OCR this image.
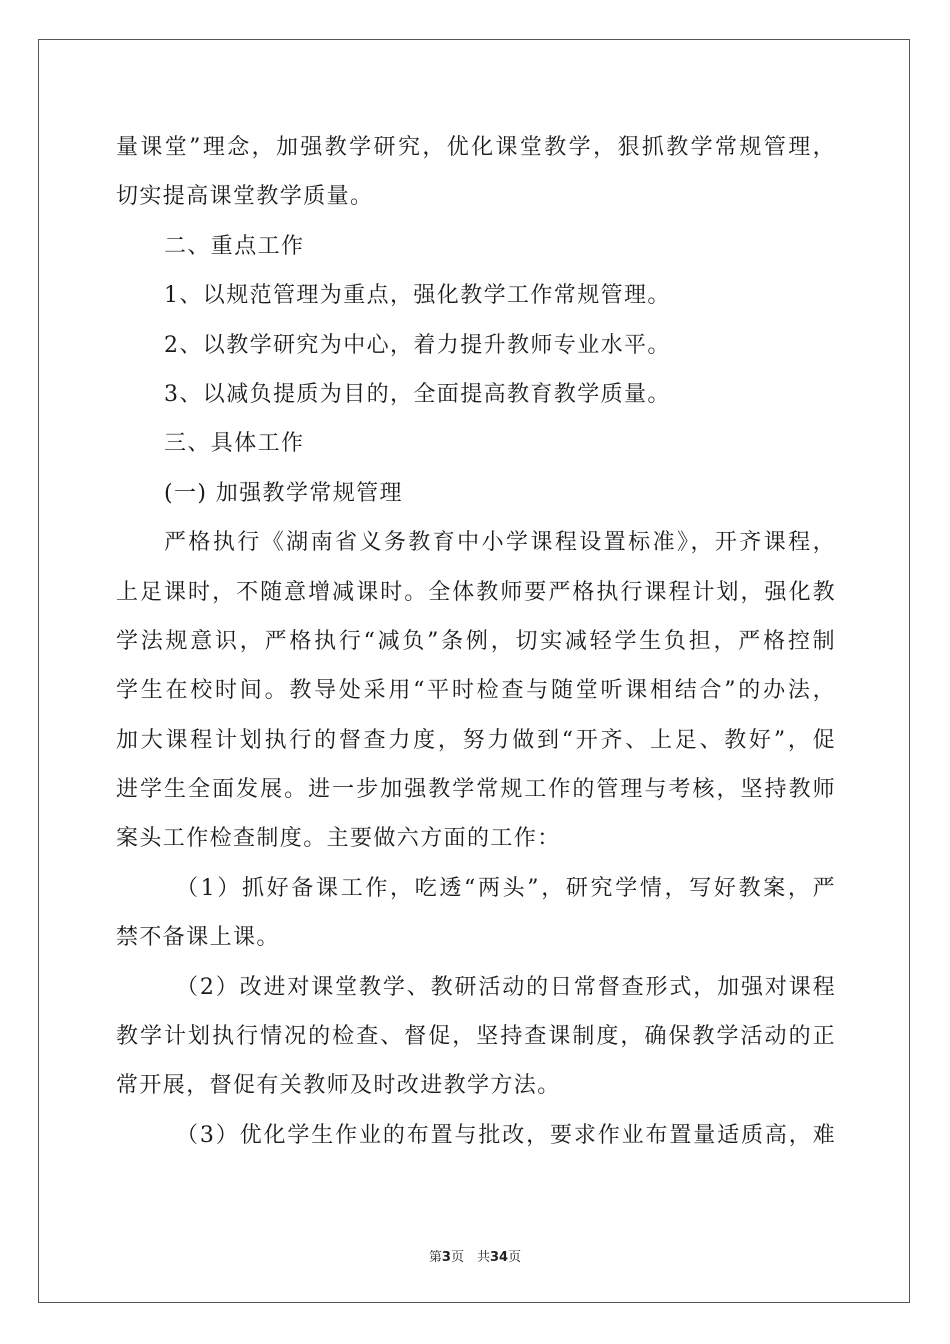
量课堂”理念，加强教学研究，优化课堂教学，狠抓教学常规管理，
切实提高课堂教学质量。
二、重点工作
1、以规范管理为重点，强化教学工作常规管理。
2、以教学研究为中心，着力提升教师专业水平。
3、以减负提质为目的，全面提高教育教学质量。
三、具体工作
(一) 加强教学常规管理
严格执行《湖南省义务教育中小学课程设置标准》，开齐课程，
上足课时，不随意增减课时。全体教师要严格执行课程计划，强化教
学法规意识，严格执行“减负”条例，切实减轻学生负担，严格控制
学生在校时间。教导处采用“平时检查与随堂听课相结合”的办法，
加大课程计划执行的督查力度，努力做到“开齐、上足、教好”，促
进学生全面发展。进一步加强教学常规工作的管理与考核，坚持教师
案头工作检查制度。主要做六方面的工作：
（1）抓好备课工作，吃透“两头”，研究学情，写好教案，严
禁不备课上课。
（2）改进对课堂教学、教研活动的日常督查形式，加强对课程
教学计划执行情况的检查、督促，坚持查课制度，确保教学活动的正
常开展，督促有关教师及时改进教学方法。
（3）优化学生作业的布置与批改，要求作业布置量适质高，难
第3页　共34页
